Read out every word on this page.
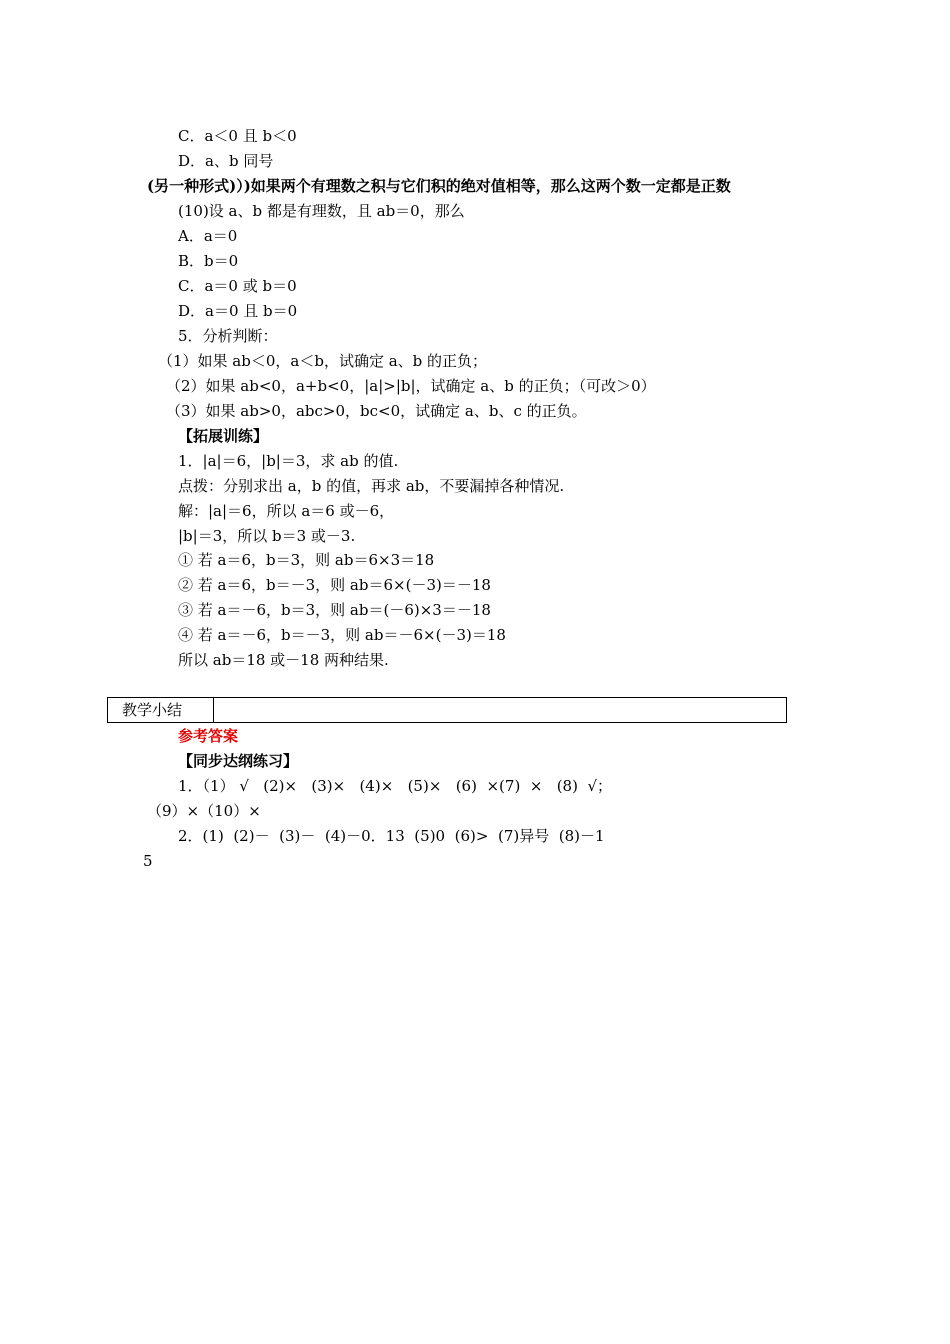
C．a＜0 且 b＜0
D．a、b 同号
(另一种形式)）)如果两个有理数之积与它们积的绝对值相等，那么这两个数一定都是正数
(10)设 a、b 都是有理数，且 ab＝0，那么
A．a＝0
B．b＝0
C．a＝0 或 b＝0
D．a＝0 且 b＝0
5．分析判断：
（1）如果 ab＜0，a＜b，试确定 a、b 的正负；
（2）如果 ab<0，a+b<0，|a|>|b|，试确定 a、b 的正负；（可改＞0）
（3）如果 ab>0，abc>0，bc<0，试确定 a、b、c 的正负。
【拓展训练】
1．|a|＝6，|b|＝3，求 ab 的值.
点拨：分别求出 a，b 的值，再求 ab，不要漏掉各种情况.
解：|a|＝6，所以 a＝6 或－6，
|b|＝3，所以 b＝3 或－3.
① 若 a＝6，b＝3，则 ab＝6×3＝18
② 若 a＝6，b＝－3，则 ab＝6×(－3)＝－18
③ 若 a＝－6，b＝3，则 ab＝(－6)×3＝－18
④ 若 a＝－6，b＝－3，则 ab＝－6×(－3)＝18
所以 ab＝18 或－18 两种结果.
教学小结
参考答案
【同步达纲练习】
1．（1） √   (2)×   (3)×   (4)×   (5)×   (6)  ×(7)  ×   (8)  √；
（9）×（10）×
2．(1)  (2)－  (3)－  (4)－0．13  (5)0  (6)>  (7)异号  (8)－1
5
